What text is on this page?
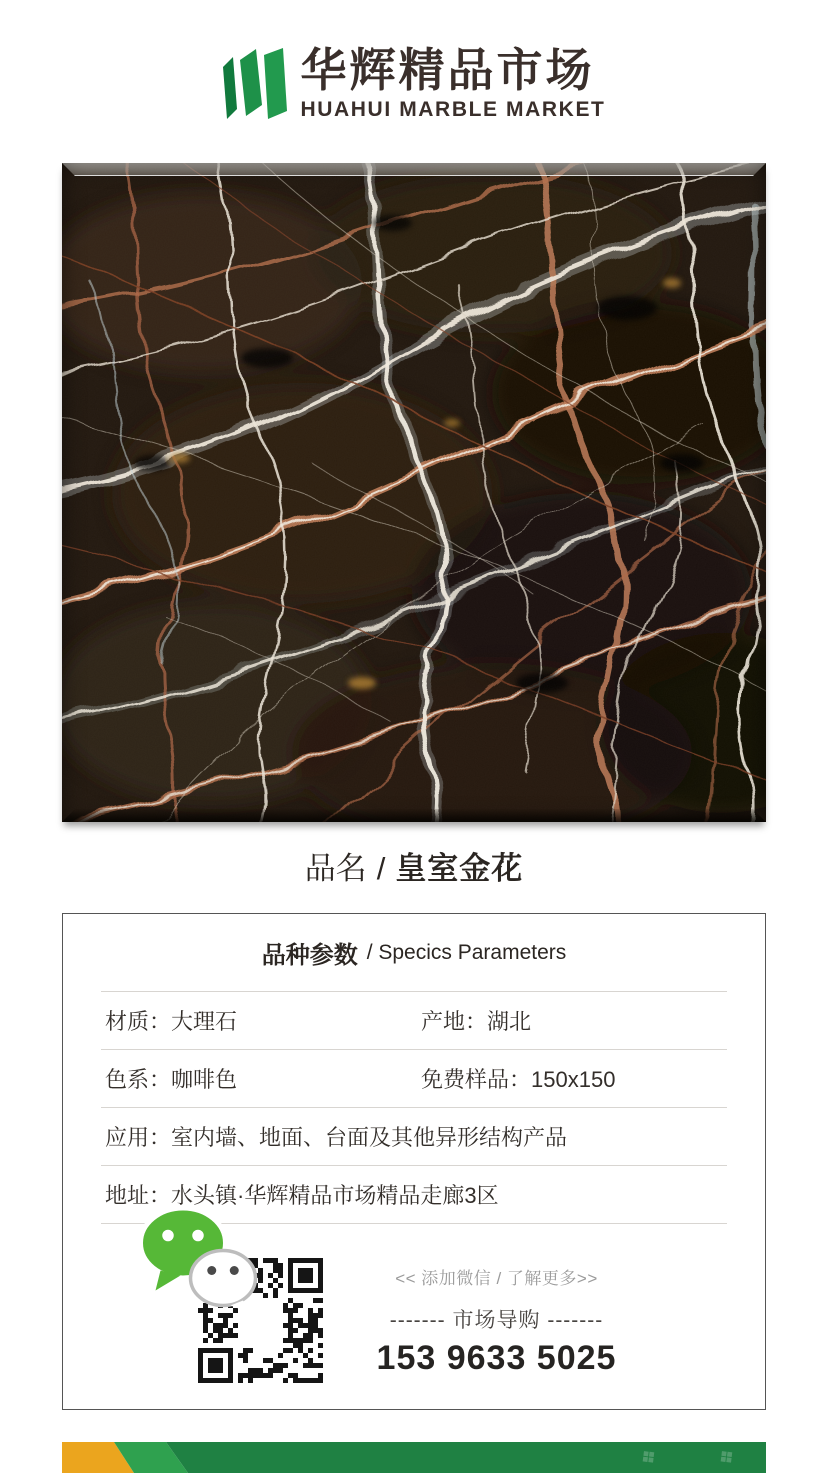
华辉精品市场
HUAHUI MARBLE MARKET
品名 / 皇室金花
品种参数 / Specics Parameters
材质： 大理石	产地： 湖北
色系： 咖啡色	免费样品： 150x150
应用： 室内墙、地面、台面及其他异形结构产品
地址： 水头镇·华辉精品市场精品走廊3区
<< 添加微信 / 了解更多>>
------- 市场导购 -------
153 9633 5025
❖	❖
